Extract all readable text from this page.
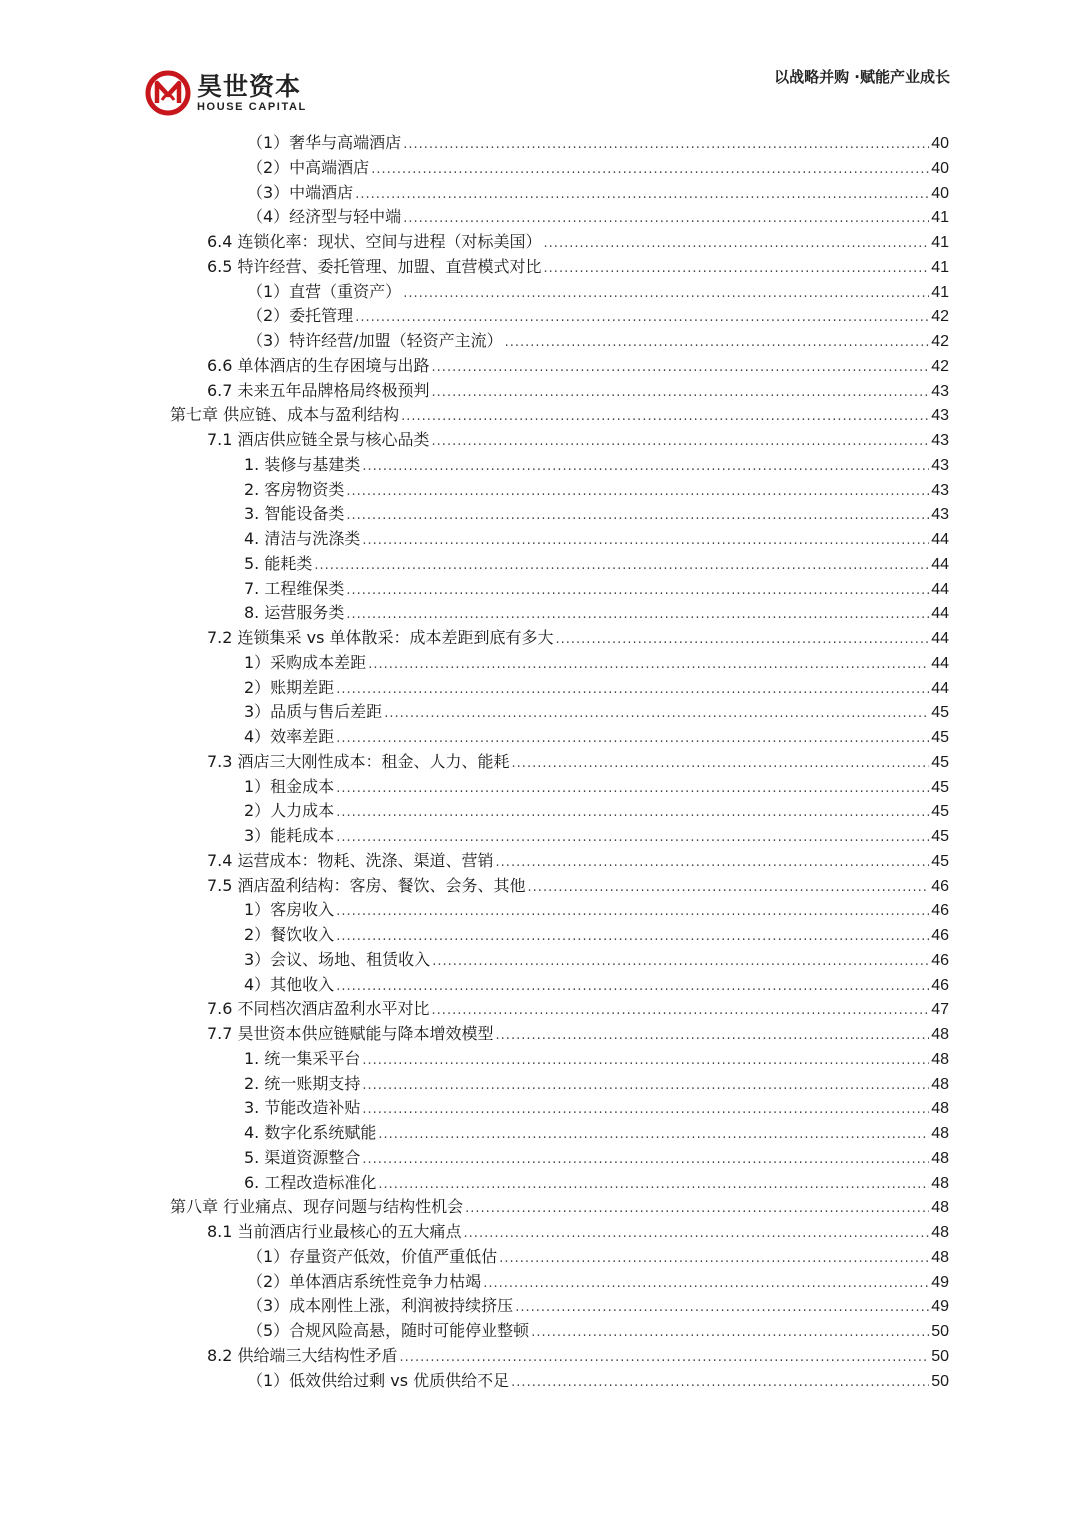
昊世资本
HOUSE CAPITAL
以战略并购 ·赋能产业成长
（1）奢华与高端酒店 .....	40
（2）中高端酒店 .....	40
（3）中端酒店 .....	40
（4）经济型与轻中端 .....	41
6.4 连锁化率：现状、空间与进程（对标美国） .....	41
6.5 特许经营、委托管理、加盟、直营模式对比 .....	41
（1）直营（重资产） .....	41
（2）委托管理 .....	42
（3）特许经营/加盟（轻资产主流） .....	42
6.6 单体酒店的生存困境与出路 .....	42
6.7 未来五年品牌格局终极预判 .....	43
第七章 供应链、成本与盈利结构 .....	43
7.1 酒店供应链全景与核心品类 .....	43
1. 装修与基建类 .....	43
2. 客房物资类 .....	43
3. 智能设备类 .....	43
4. 清洁与洗涤类 .....	44
5. 能耗类 .....	44
7. 工程维保类 .....	44
8. 运营服务类 .....	44
7.2 连锁集采 vs 单体散采：成本差距到底有多大 .....	44
1）采购成本差距 .....	44
2）账期差距 .....	44
3）品质与售后差距 .....	45
4）效率差距 .....	45
7.3 酒店三大刚性成本：租金、人力、能耗 .....	45
1）租金成本 .....	45
2）人力成本 .....	45
3）能耗成本 .....	45
7.4 运营成本：物耗、洗涤、渠道、营销 .....	45
7.5 酒店盈利结构：客房、餐饮、会务、其他 .....	46
1）客房收入 .....	46
2）餐饮收入 .....	46
3）会议、场地、租赁收入 .....	46
4）其他收入 .....	46
7.6 不同档次酒店盈利水平对比 .....	47
7.7 昊世资本供应链赋能与降本增效模型 .....	48
1. 统一集采平台 .....	48
2. 统一账期支持 .....	48
3. 节能改造补贴 .....	48
4. 数字化系统赋能 .....	48
5. 渠道资源整合 .....	48
6. 工程改造标准化 .....	48
第八章 行业痛点、现存问题与结构性机会 .....	48
8.1 当前酒店行业最核心的五大痛点 .....	48
（1）存量资产低效，价值严重低估 .....	48
（2）单体酒店系统性竞争力枯竭 .....	49
（3）成本刚性上涨，利润被持续挤压 .....	49
（5）合规风险高悬，随时可能停业整顿 .....	50
8.2 供给端三大结构性矛盾 .....	50
（1）低效供给过剩 vs 优质供给不足 .....	50
